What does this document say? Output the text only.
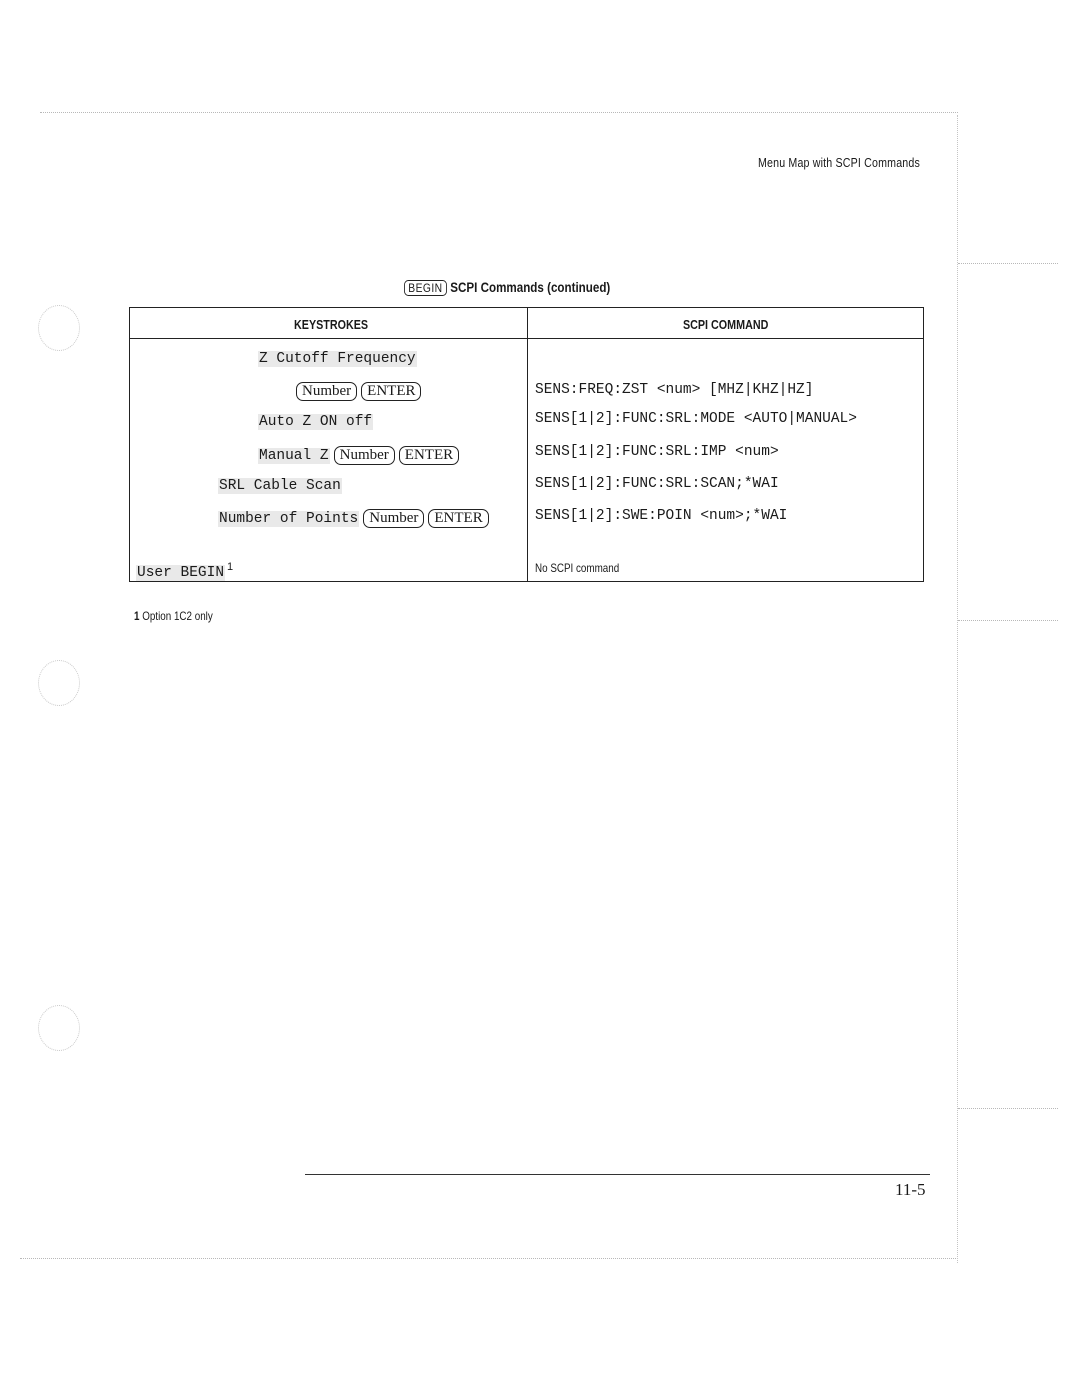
Menu Map with SCPI Commands
BEGIN SCPI Commands (continued)
KEYSTROKES	SCPI COMMAND
Z Cutoff Frequency
Number ENTER	SENS:FREQ:ZST <num> [MHZ|KHZ|HZ]
Auto Z ON off	SENS[1|2]:FUNC:SRL:MODE <AUTO|MANUAL>
Manual Z Number ENTER	SENS[1|2]:FUNC:SRL:IMP <num>
SRL Cable Scan	SENS[1|2]:FUNC:SRL:SCAN;*WAI
Number of Points Number ENTER	SENS[1|2]:SWE:POIN <num>;*WAI
User BEGIN $^1$	No SCPI command
1 Option 1C2 only
11-5
